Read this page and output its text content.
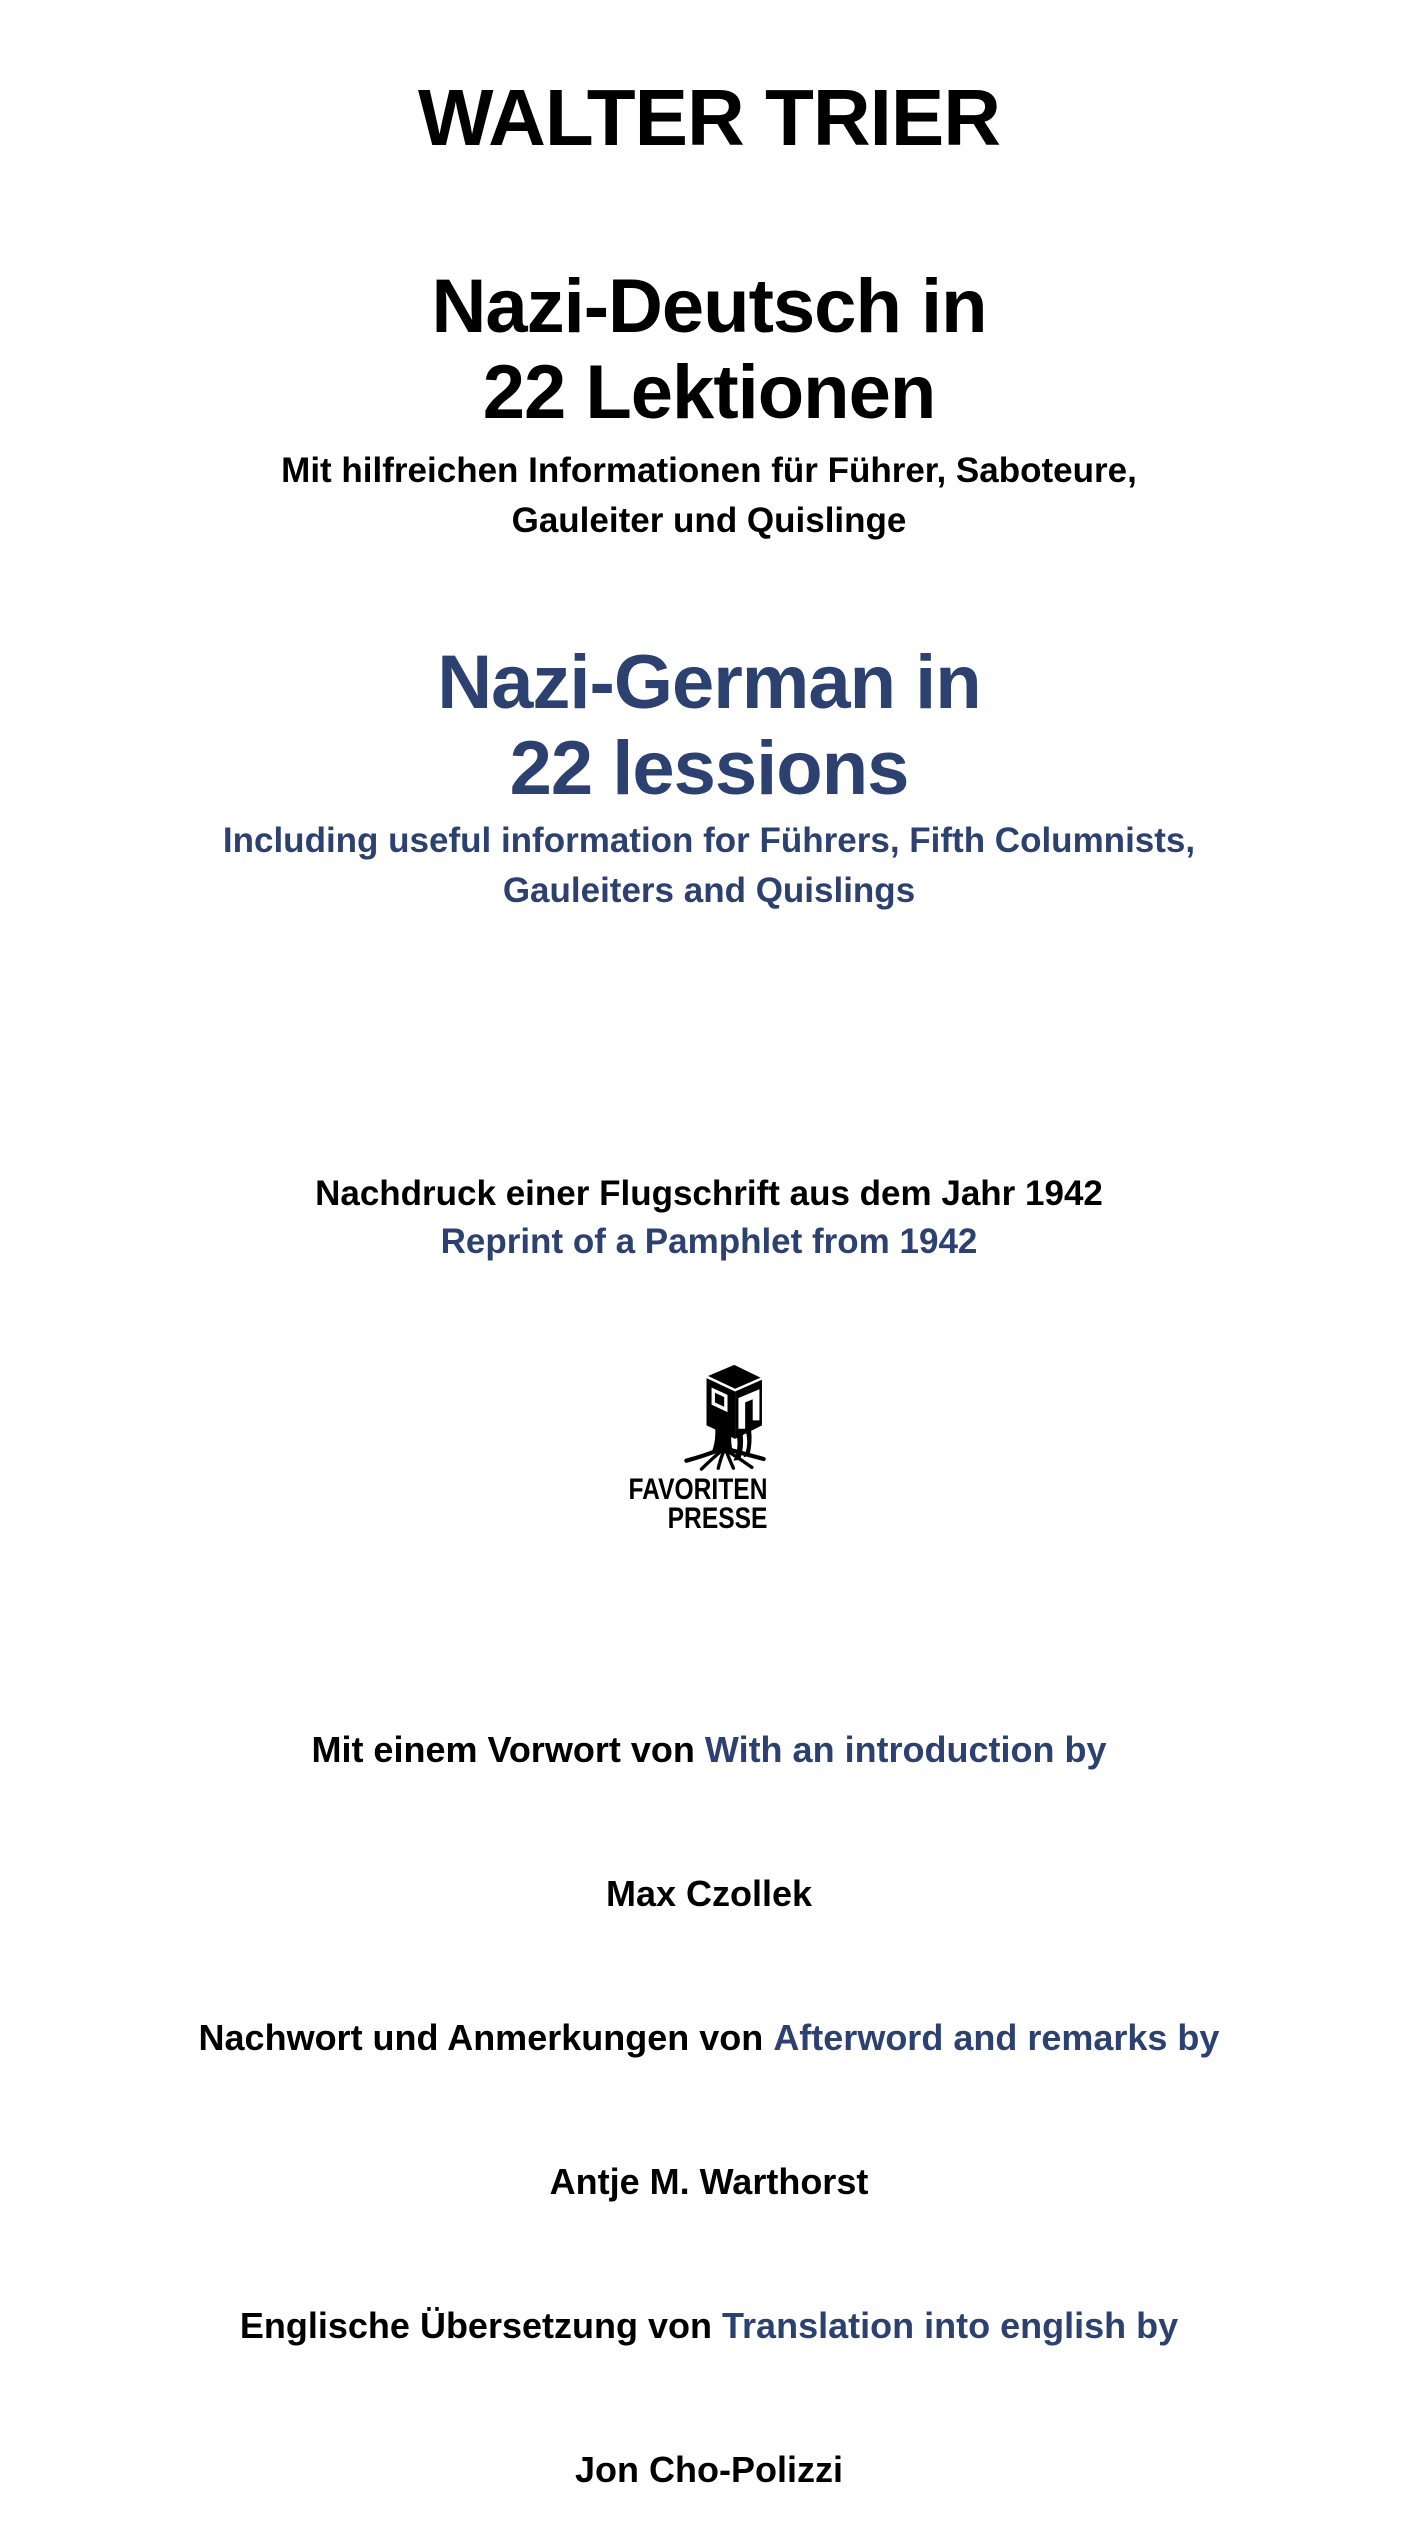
WALTER TRIER
Nazi-Deutsch in
22 Lektionen
Mit hilfreichen Informationen für Führer, Saboteure,
Gauleiter und Quislinge
Nazi-German in
22 lessions
Including useful information for Führers, Fifth Columnists,
Gauleiters and Quislings
Nachdruck einer Flugschrift aus dem Jahr 1942
Reprint of a Pamphlet from 1942
FAVORITEN
PRESSE

Mit einem Vorwort von With an introduction by

Max Czollek

Nachwort und Anmerkungen von Afterword and remarks by

Antje M. Warthorst

Englische Übersetzung von Translation into english by

Jon Cho-Polizzi
